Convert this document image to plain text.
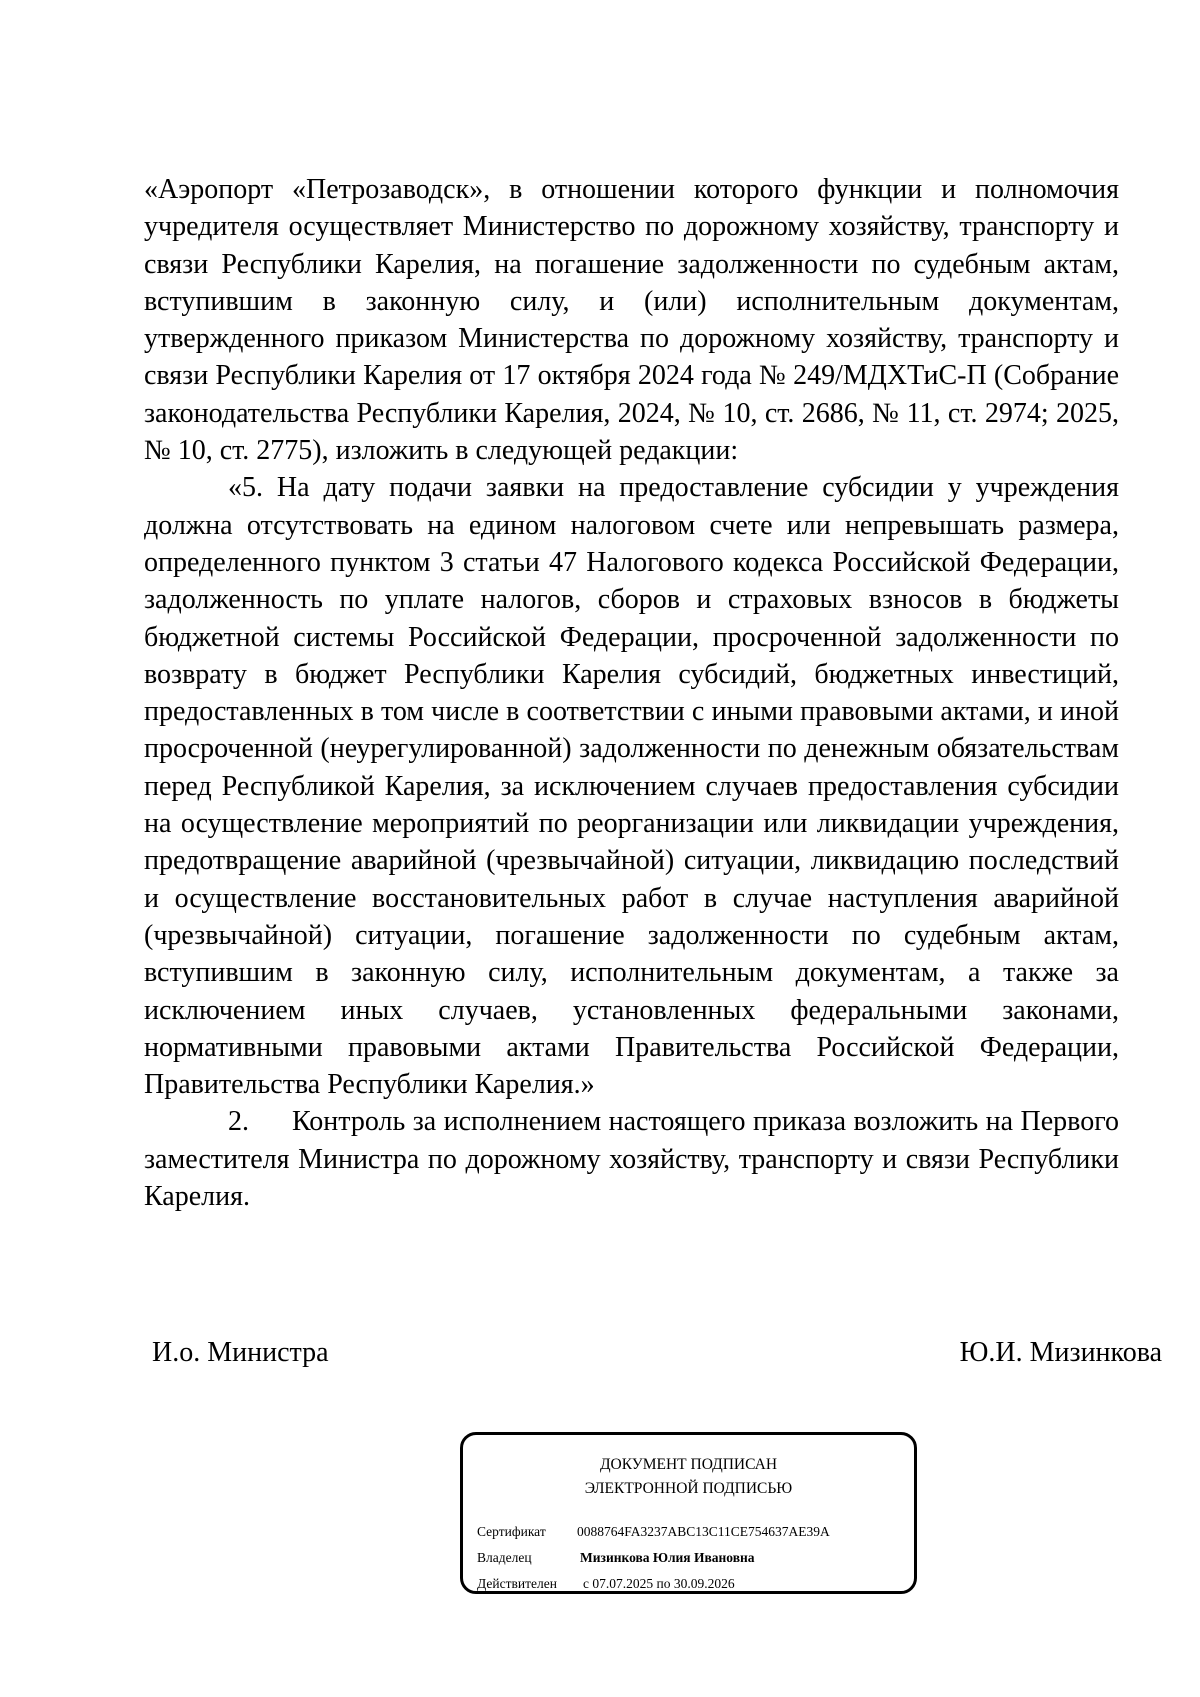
«Аэропорт «Петрозаводск», в отношении которого функции и полномочия учредителя осуществляет Министерство по дорожному хозяйству, транспорту и связи Республики Карелия, на погашение задолженности по судебным актам, вступившим в законную силу, и (или) исполнительным документам, утвержденного приказом Министерства по дорожному хозяйству, транспорту и связи Республики Карелия от 17 октября 2024 года № 249/МДХТиС-П (Собрание законодательства Республики Карелия, 2024, № 10, ст. 2686, № 11, ст. 2974; 2025, № 10, ст. 2775), изложить в следующей редакции:

«5. На дату подачи заявки на предоставление субсидии у учреждения должна отсутствовать на едином налоговом счете или непревышать размера, определенного пунктом 3 статьи 47 Налогового кодекса Российской Федерации, задолженность по уплате налогов, сборов и страховых взносов в бюджеты бюджетной системы Российской Федерации, просроченной задолженности по возврату в бюджет Республики Карелия субсидий, бюджетных инвестиций, предоставленных в том числе в соответствии с иными правовыми актами, и иной просроченной (неурегулированной) задолженности по денежным обязательствам перед Республикой Карелия, за исключением случаев предоставления субсидии на осуществление мероприятий по реорганизации или ликвидации учреждения, предотвращение аварийной (чрезвычайной) ситуации, ликвидацию последствий и осуществление восстановительных работ в случае наступления аварийной (чрезвычайной) ситуации, погашение задолженности по судебным актам, вступившим в законную силу, исполнительным документам, а также за исключением иных случаев, установленных федеральными законами, нормативными правовыми актами Правительства Российской Федерации, Правительства Республики Карелия.»

2. Контроль за исполнением настоящего приказа возложить на Первого заместителя Министра по дорожному хозяйству, транспорту и связи Республики Карелия.

И.о. Министра	Ю.И. Мизинкова
ДОКУМЕНТ ПОДПИСАН
ЭЛЕКТРОННОЙ ПОДПИСЬЮ
Сертификат 0088764FA3237ABC13C11CE754637AE39A
Владелец	Мизинкова Юлия Ивановна
Действителен с 07.07.2025 по 30.09.2026
